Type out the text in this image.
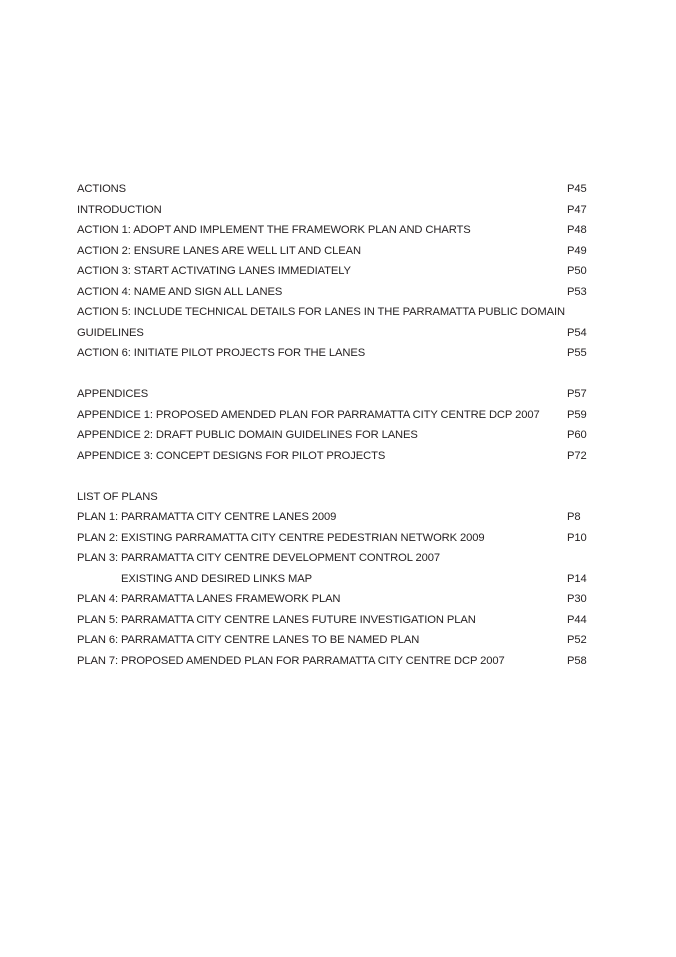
ACTIONS	P45
INTRODUCTION	P47
ACTION 1: ADOPT AND IMPLEMENT THE FRAMEWORK PLAN AND CHARTS	P48
ACTION 2: ENSURE LANES ARE WELL LIT AND CLEAN	P49
ACTION 3: START ACTIVATING LANES IMMEDIATELY	P50
ACTION 4: NAME AND SIGN ALL LANES	P53
ACTION 5: INCLUDE TECHNICAL DETAILS FOR LANES IN THE PARRAMATTA PUBLIC DOMAIN
GUIDELINES	P54
ACTION 6: INITIATE PILOT PROJECTS FOR THE LANES	P55
APPENDICES	P57
APPENDICE 1: PROPOSED AMENDED PLAN FOR PARRAMATTA CITY CENTRE DCP 2007 P59
APPENDICE 2: DRAFT PUBLIC DOMAIN GUIDELINES FOR LANES	P60
APPENDICE 3: CONCEPT DESIGNS FOR PILOT PROJECTS	P72
LIST OF PLANS
PLAN 1: PARRAMATTA CITY CENTRE LANES 2009	P8
PLAN 2: EXISTING PARRAMATTA CITY CENTRE PEDESTRIAN NETWORK 2009	P10
PLAN 3: PARRAMATTA CITY CENTRE DEVELOPMENT CONTROL 2007
EXISTING AND DESIRED LINKS MAP	P14
PLAN 4: PARRAMATTA LANES FRAMEWORK PLAN	P30
PLAN 5: PARRAMATTA CITY CENTRE LANES FUTURE INVESTIGATION PLAN	P44
PLAN 6: PARRAMATTA CITY CENTRE LANES TO BE NAMED PLAN	P52
PLAN 7: PROPOSED AMENDED PLAN FOR PARRAMATTA CITY CENTRE DCP 2007	P58
